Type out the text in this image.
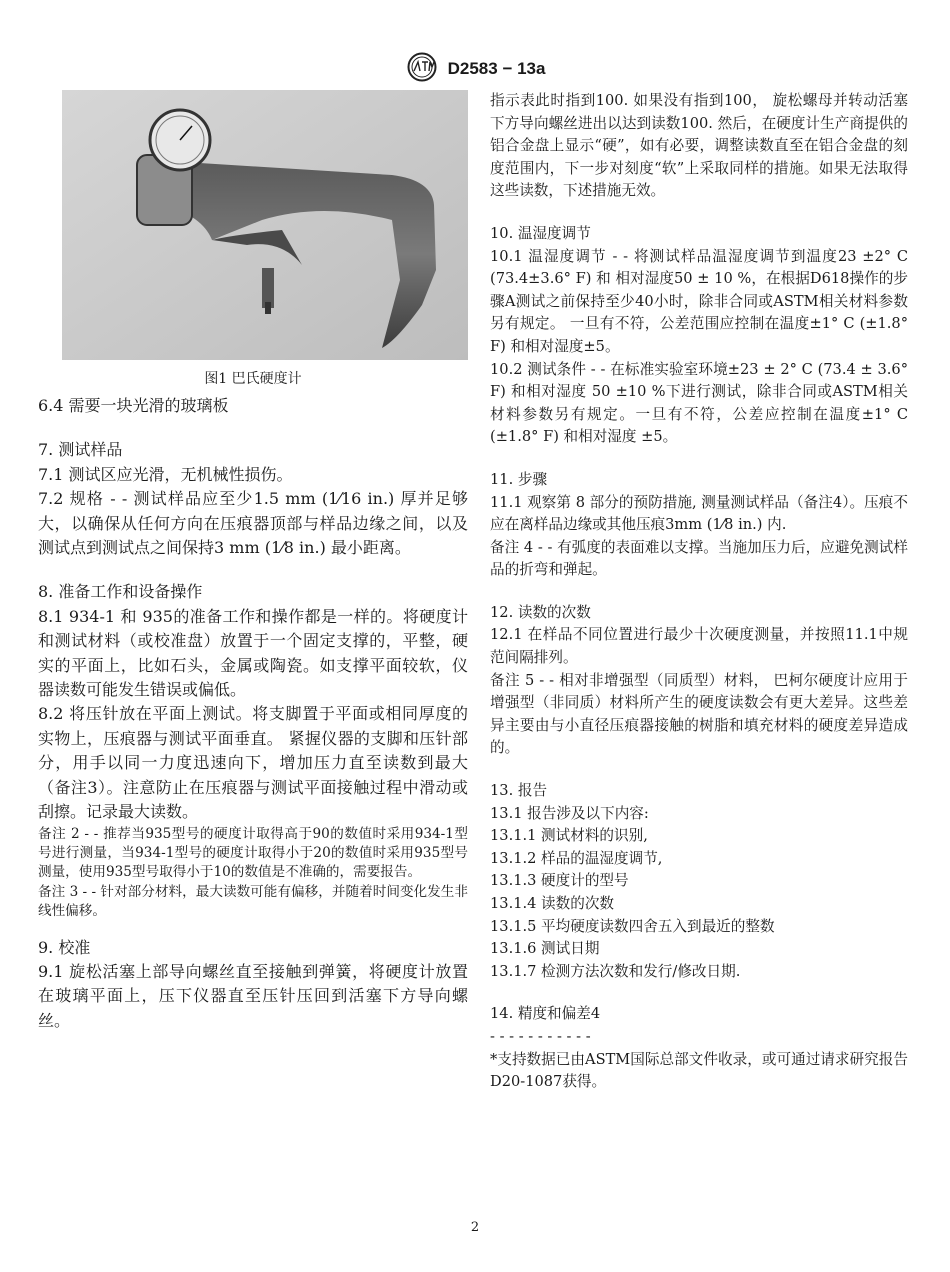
D2583 − 13a
图1 巴氏硬度计

6.4 需要一块光滑的玻璃板

7. 测试样品

7.1 测试区应光滑，无机械性损伤。

7.2 规格 - - 测试样品应至少1.5 mm (1⁄16 in.) 厚并足够大，以确保从任何方向在压痕器顶部与样品边缘之间，以及测试点到测试点之间保持3 mm (1⁄8 in.) 最小距离。

8. 准备工作和设备操作

8.1 934-1 和 935的准备工作和操作都是一样的。将硬度计和测试材料（或校准盘）放置于一个固定支撑的，平整，硬实的平面上，比如石头，金属或陶瓷。如支撑平面较软，仪器读数可能发生错误或偏低。

8.2 将压针放在平面上测试。将支脚置于平面或相同厚度的实物上，压痕器与测试平面垂直。 紧握仪器的支脚和压针部分，用手以同一力度迅速向下，增加压力直至读数到最大（备注3）。注意防止在压痕器与测试平面接触过程中滑动或刮擦。记录最大读数。

备注 2 - - 推荐当935型号的硬度计取得高于90的数值时采用934-1型号进行测量，当934-1型号的硬度计取得小于20的数值时采用935型号测量，使用935型号取得小于10的数值是不准确的，需要报告。

备注 3 - - 针对部分材料，最大读数可能有偏移，并随着时间变化发生非线性偏移。

9. 校准

9.1 旋松活塞上部导向螺丝直至接触到弹簧，将硬度计放置在玻璃平面上，压下仪器直至压针压回到活塞下方导向螺丝。

指示表此时指到100. 如果没有指到100， 旋松螺母并转动活塞下方导向螺丝进出以达到读数100. 然后，在硬度计生产商提供的铝合金盘上显示“硬”，如有必要，调整读数直至在铝合金盘的刻度范围内，下一步对刻度“软”上采取同样的措施。如果无法取得这些读数，下述措施无效。

10. 温湿度调节

10.1 温湿度调节 - - 将测试样品温湿度调节到温度23 ±2° C (73.4±3.6° F) 和 相对湿度50 ± 10 %，在根据D618操作的步骤A测试之前保持至少40小时，除非合同或ASTM相关材料参数另有规定。 一旦有不符，公差范围应控制在温度±1° C (±1.8° F) 和相对湿度±5。

10.2 测试条件 - - 在标准实验室环境±23 ± 2° C (73.4 ± 3.6° F) 和相对湿度 50 ±10 %下进行测试，除非合同或ASTM相关材料参数另有规定。一旦有不符，公差应控制在温度±1° C (±1.8° F) 和相对湿度 ±5。

11. 步骤

11.1 观察第 8 部分的预防措施, 测量测试样品（备注4）。压痕不应在离样品边缘或其他压痕3mm (1⁄8 in.) 内.

备注 4 - - 有弧度的表面难以支撑。当施加压力后，应避免测试样品的折弯和弹起。

12. 读数的次数

12.1 在样品不同位置进行最少十次硬度测量，并按照11.1中规范间隔排列。

备注 5 - - 相对非增强型（同质型）材料， 巴柯尔硬度计应用于增强型（非同质）材料所产生的硬度读数会有更大差异。这些差异主要由与小直径压痕器接触的树脂和填充材料的硬度差异造成的。

13. 报告

13.1 报告涉及以下内容:

13.1.1 测试材料的识别,

13.1.2 样品的温湿度调节,

13.1.3 硬度计的型号

13.1.4 读数的次数

13.1.5 平均硬度读数四舍五入到最近的整数

13.1.6 测试日期

13.1.7 检测方法次数和发行/修改日期.

14. 精度和偏差4

- - - - - - - - - - -

*支持数据已由ASTM国际总部文件收录，或可通过请求研究报告D20-1087获得。

2
